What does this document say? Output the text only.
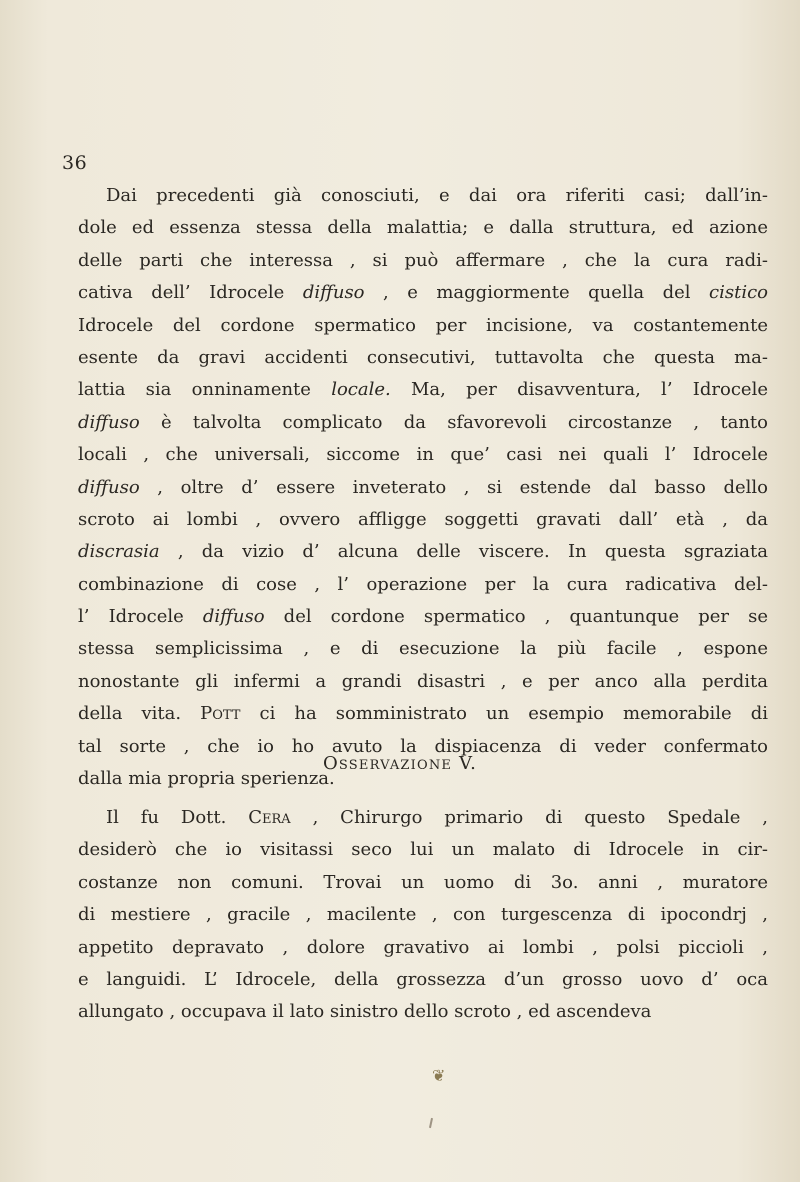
36
Dai precedenti già conosciuti, e dai ora riferiti casi; dall’in-
dole ed essenza stessa della malattia; e dalla struttura, ed azione
delle parti che interessa , si può affermare , che la cura radi-
cativa dell’ Idrocele diffuso , e maggiormente quella del cistico
Idrocele del cordone spermatico per incisione, va costantemente
esente da gravi accidenti consecutivi, tuttavolta che questa ma-
lattia sia onninamente locale. Ma, per disavventura, l’ Idrocele
diffuso è talvolta complicato da sfavorevoli circostanze , tanto
locali , che universali, siccome in que’ casi nei quali l’ Idrocele
diffuso , oltre d’ essere inveterato , si estende dal basso dello
scroto ai lombi , ovvero affligge soggetti gravati dall’ età , da
discrasia , da vizio d’ alcuna delle viscere. In questa sgraziata
combinazione di cose , l’ operazione per la cura radicativa del-
l’ Idrocele diffuso del cordone spermatico , quantunque per se
stessa semplicissima , e di esecuzione la più facile , espone
nonostante gli infermi a grandi disastri , e per anco alla perdita
della vita. Pott ci ha somministrato un esempio memorabile di
tal sorte , che io ho avuto la dispiacenza di veder confermato
dalla mia propria sperienza.
Osservazione V.
Il fu Dott. Cera , Chirurgo primario di questo Spedale ,
desiderò che io visitassi seco lui un malato di Idrocele in cir-
costanze non comuni. Trovai un uomo di 3o. anni , muratore
di mestiere , gracile , macilente , con turgescenza di ipocondrj ,
appetito depravato , dolore gravativo ai lombi , polsi piccioli ,
e languidi. L’ Idrocele, della grossezza d’un grosso uovo d’ oca
allungato , occupava il lato sinistro dello scroto , ed ascendeva
❦
